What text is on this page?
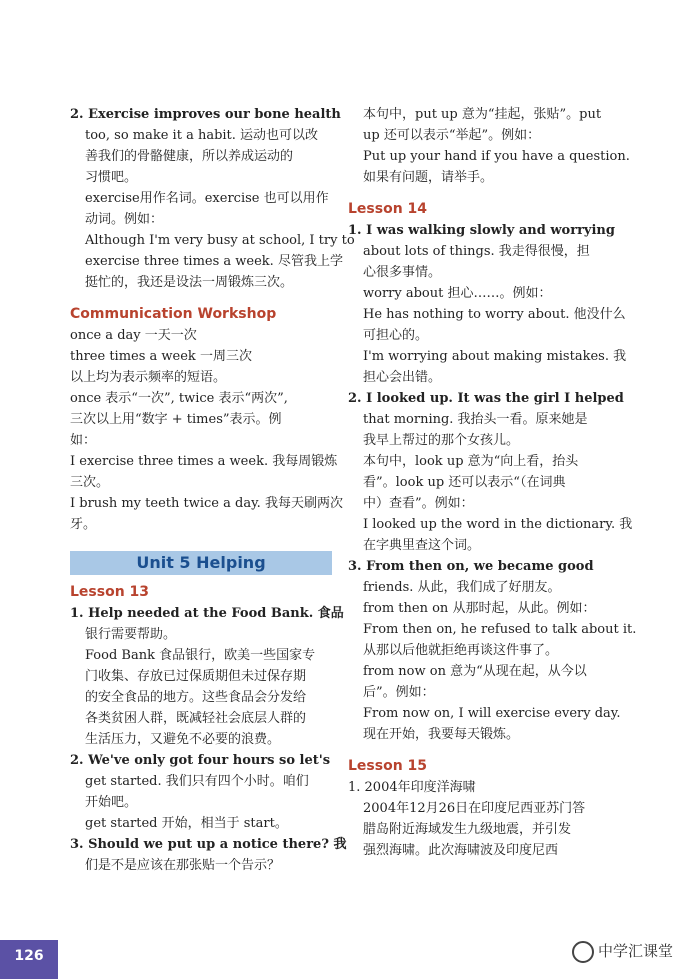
2. Exercise improves our bone health
too, so make it a habit. 运动也可以改
善我们的骨骼健康，所以养成运动的
习惯吧。
exercise用作名词。exercise 也可以用作
动词。例如：
Although I'm very busy at school, I try to
exercise three times a week. 尽管我上学
挺忙的，我还是设法一周锻炼三次。
Communication Workshop
once a day 一天一次
three times a week 一周三次
以上均为表示频率的短语。
once 表示“一次”, twice 表示“两次”,
三次以上用“数字 + times”表示。例
如：
I exercise three times a week. 我每周锻炼
三次。
I brush my teeth twice a day. 我每天刷两次
牙。
Unit 5 Helping
Lesson 13
1. Help needed at the Food Bank. 食品
银行需要帮助。
Food Bank 食品银行，欧美一些国家专
门收集、存放已过保质期但未过保存期
的安全食品的地方。这些食品会分发给
各类贫困人群，既减轻社会底层人群的
生活压力，又避免不必要的浪费。
2. We've only got four hours so let's
get started. 我们只有四个小时。咱们
开始吧。
get started 开始，相当于 start。
3. Should we put up a notice there? 我
们是不是应该在那张贴一个告示？
本句中，put up 意为“挂起，张贴”。put
up 还可以表示“举起”。例如：
Put up your hand if you have a question.
如果有问题，请举手。
Lesson 14
1. I was walking slowly and worrying
about lots of things. 我走得很慢，担
心很多事情。
worry about 担心……。例如：
He has nothing to worry about. 他没什么
可担心的。
I'm worrying about making mistakes. 我
担心会出错。
2. I looked up. It was the girl I helped
that morning. 我抬头一看。原来她是
我早上帮过的那个女孩儿。
本句中，look up 意为“向上看，抬头
看”。look up 还可以表示“（在词典
中）查看”。例如：
I looked up the word in the dictionary. 我
在字典里查这个词。
3. From then on, we became good
friends. 从此，我们成了好朋友。
from then on 从那时起，从此。例如：
From then on, he refused to talk about it.
从那以后他就拒绝再谈这件事了。
from now on 意为“从现在起，从今以
后”。例如：
From now on, I will exercise every day.
现在开始，我要每天锻炼。
Lesson 15
1. 2004年印度洋海啸
2004年12月26日在印度尼西亚苏门答
腊岛附近海域发生九级地震，并引发
强烈海啸。此次海啸波及印度尼西
126	中学汇课堂
